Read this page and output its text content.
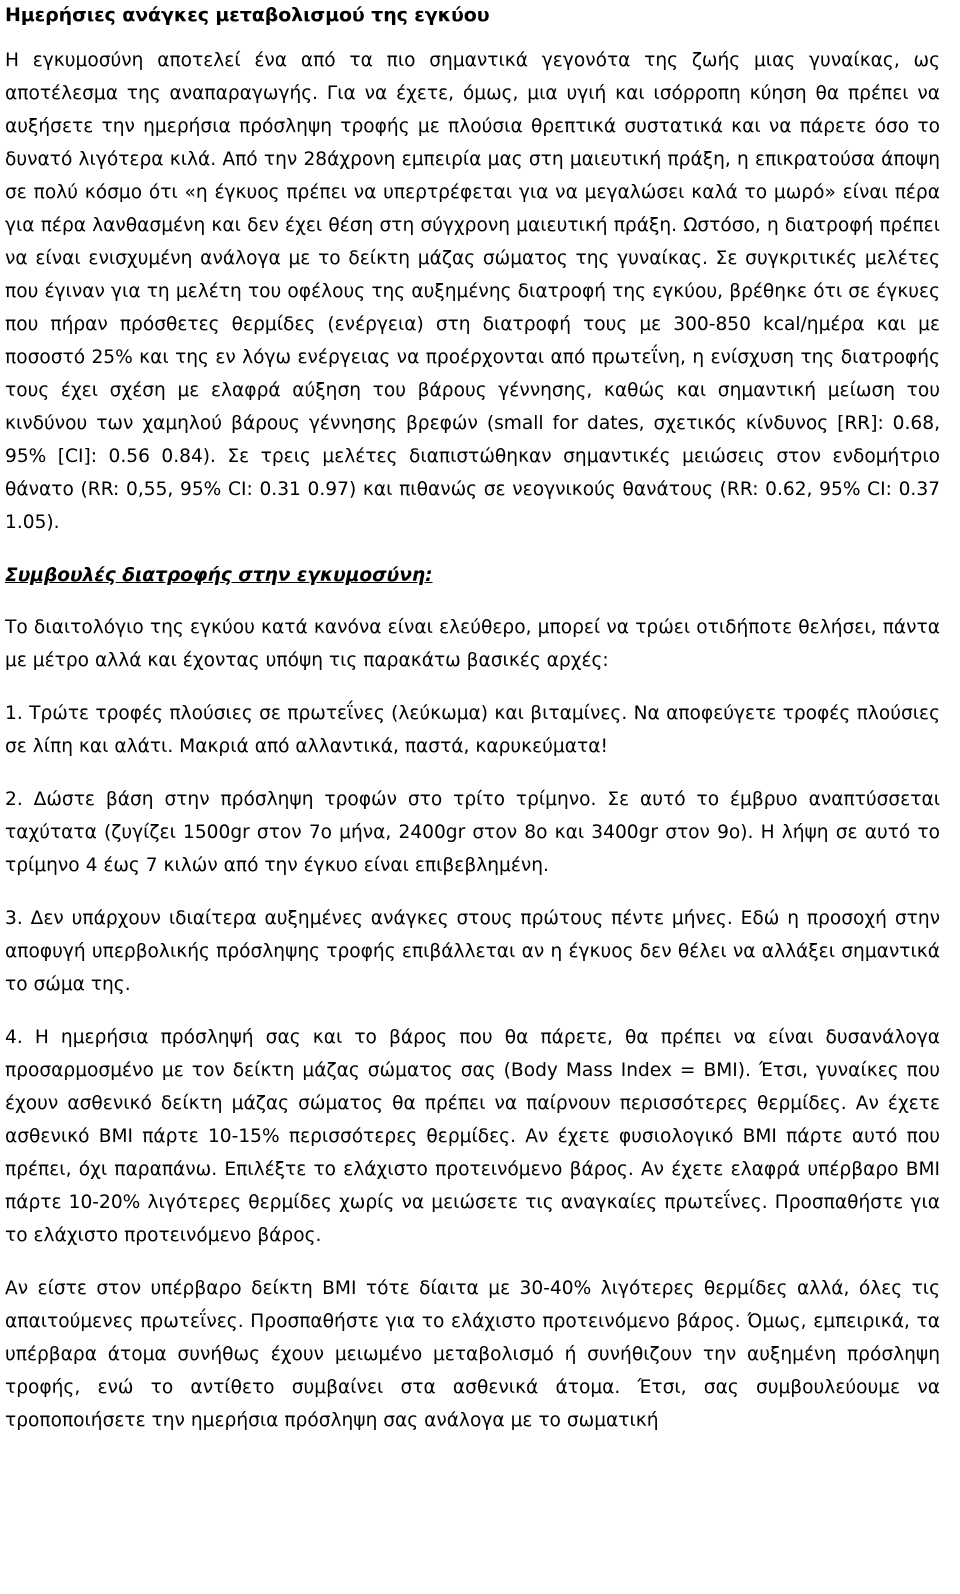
Ημερήσιες ανάγκες μεταβολισμού της εγκύου

Η εγκυμοσύνη αποτελεί ένα από τα πιο σημαντικά γεγονότα της ζωής μιας γυναίκας, ως αποτέλεσμα της αναπαραγωγής. Για να έχετε, όμως, μια υγιή και ισόρροπη κύηση θα πρέπει να αυξήσετε την ημερήσια πρόσληψη τροφής με πλούσια θρεπτικά συστατικά και να πάρετε όσο το δυνατό λιγότερα κιλά. Από την 28άχρονη εμπειρία μας στη μαιευτική πράξη, η επικρατούσα άποψη σε πολύ κόσμο ότι «η έγκυος πρέπει να υπερτρέφεται για να μεγαλώσει καλά το μωρό» είναι πέρα για πέρα λανθασμένη και δεν έχει θέση στη σύγχρονη μαιευτική πράξη. Ωστόσο, η διατροφή πρέπει να είναι ενισχυμένη ανάλογα με το δείκτη μάζας σώματος της γυναίκας. Σε συγκριτικές μελέτες που έγιναν για τη μελέτη του οφέλους της αυξημένης διατροφή της εγκύου, βρέθηκε ότι σε έγκυες που πήραν πρόσθετες θερμίδες (ενέργεια) στη διατροφή τους με 300-850 kcal/ημέρα και με ποσοστό 25% και της εν λόγω ενέργειας να προέρχονται από πρωτεΐνη, η ενίσχυση της διατροφής τους έχει σχέση με ελαφρά αύξηση του βάρους γέννησης, καθώς και σημαντική μείωση του κινδύνου των χαμηλού βάρους γέννησης βρεφών (small for dates, σχετικός κίνδυνος [RR]: 0.68, 95% [CI]: 0.56 0.84). Σε τρεις μελέτες διαπιστώθηκαν σημαντικές μειώσεις στον ενδομήτριο θάνατο (RR: 0,55, 95% CI: 0.31 0.97) και πιθανώς σε νεογνικούς θανάτους (RR: 0.62, 95% CI: 0.37 1.05).

Συμβουλές διατροφής στην εγκυμοσύνη:

Το διαιτολόγιο της εγκύου κατά κανόνα είναι ελεύθερο, μπορεί να τρώει οτιδήποτε θελήσει, πάντα με μέτρο αλλά και έχοντας υπόψη τις παρακάτω βασικές αρχές:

1. Τρώτε τροφές πλούσιες σε πρωτεΐνες (λεύκωμα) και βιταμίνες. Να αποφεύγετε τροφές πλούσιες σε λίπη και αλάτι. Μακριά από αλλαντικά, παστά, καρυκεύματα!

2. Δώστε βάση στην πρόσληψη τροφών στο τρίτο τρίμηνο. Σε αυτό το έμβρυο αναπτύσσεται ταχύτατα (ζυγίζει 1500gr στον 7ο μήνα, 2400gr στον 8ο και 3400gr στον 9ο). Η λήψη σε αυτό το τρίμηνο 4 έως 7 κιλών από την έγκυο είναι επιβεβλημένη.

3. Δεν υπάρχουν ιδιαίτερα αυξημένες ανάγκες στους πρώτους πέντε μήνες. Εδώ η προσοχή στην αποφυγή υπερβολικής πρόσληψης τροφής επιβάλλεται αν η έγκυος δεν θέλει να αλλάξει σημαντικά το σώμα της.

4. Η ημερήσια πρόσληψή σας και το βάρος που θα πάρετε, θα πρέπει να είναι δυσανάλογα προσαρμοσμένο με τον δείκτη μάζας σώματος σας (Body Mass Index = BMI). Έτσι, γυναίκες που έχουν ασθενικό δείκτη μάζας σώματος θα πρέπει να παίρνουν περισσότερες θερμίδες. Αν έχετε ασθενικό BMI πάρτε 10-15% περισσότερες θερμίδες. Αν έχετε φυσιολογικό BMI πάρτε αυτό που πρέπει, όχι παραπάνω. Επιλέξτε το ελάχιστο προτεινόμενο βάρος. Αν έχετε ελαφρά υπέρβαρο BMI πάρτε 10-20% λιγότερες θερμίδες χωρίς να μειώσετε τις αναγκαίες πρωτεΐνες. Προσπαθήστε για το ελάχιστο προτεινόμενο βάρος.

Αν είστε στον υπέρβαρο δείκτη BMI τότε δίαιτα με 30-40% λιγότερες θερμίδες αλλά, όλες τις απαιτούμενες πρωτεΐνες. Προσπαθήστε για το ελάχιστο προτεινόμενο βάρος. Όμως, εμπειρικά, τα υπέρβαρα άτομα συνήθως έχουν μειωμένο μεταβολισμό ή συνήθιζουν την αυξημένη πρόσληψη τροφής, ενώ το αντίθετο συμβαίνει στα ασθενικά άτομα. Έτσι, σας συμβουλεύουμε να τροποποιήσετε την ημερήσια πρόσληψη σας ανάλογα με το σωματική
